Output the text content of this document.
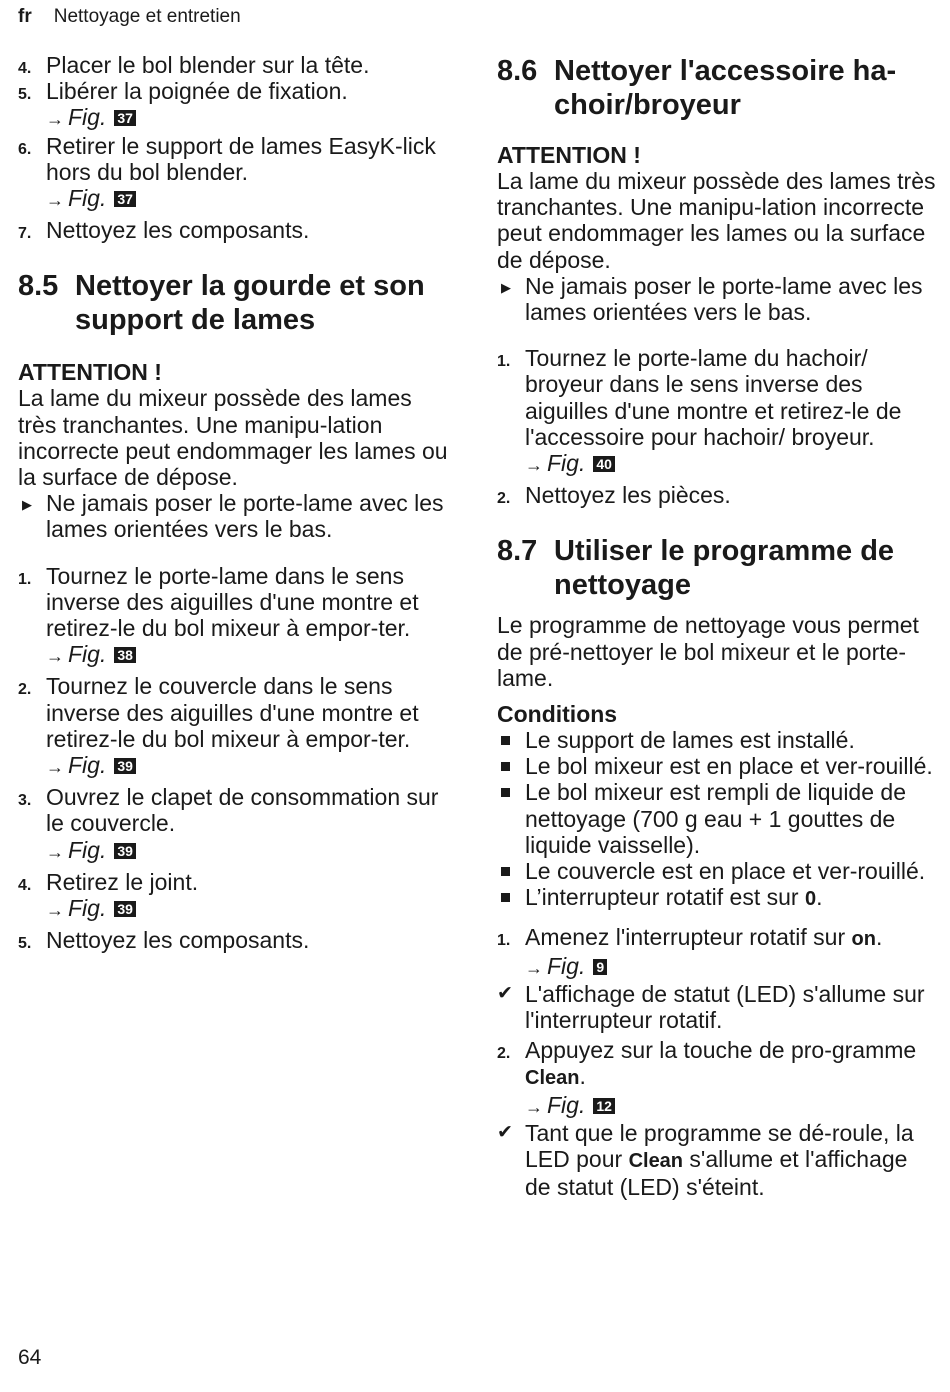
fr Nettoyage et entretien
4. Placer le bol blender sur la tête.
5. Libérer la poignée de fixation.
→ Fig. 37
6. Retirer le support de lames EasyK-lick hors du bol blender.
→ Fig. 37
7. Nettoyez les composants.
8.5 Nettoyer la gourde et son support de lames
ATTENTION !
La lame du mixeur possède des lames très tranchantes. Une manipu-lation incorrecte peut endommager les lames ou la surface de dépose.
▶ Ne jamais poser le porte-lame avec les lames orientées vers le bas.
1. Tournez le porte-lame dans le sens inverse des aiguilles d'une montre et retirez-le du bol mixeur à empor-ter.
→ Fig. 38
2. Tournez le couvercle dans le sens inverse des aiguilles d'une montre et retirez-le du bol mixeur à empor-ter.
→ Fig. 39
3. Ouvrez le clapet de consommation sur le couvercle.
→ Fig. 39
4. Retirez le joint.
→ Fig. 39
5. Nettoyez les composants.
8.6 Nettoyer l'accessoire ha-choir/broyeur
ATTENTION !
La lame du mixeur possède des lames très tranchantes. Une manipu-lation incorrecte peut endommager les lames ou la surface de dépose.
▶ Ne jamais poser le porte-lame avec les lames orientées vers le bas.
1. Tournez le porte-lame du hachoir/ broyeur dans le sens inverse des aiguilles d'une montre et retirez-le de l'accessoire pour hachoir/ broyeur.
→ Fig. 40
2. Nettoyez les pièces.
8.7 Utiliser le programme de nettoyage
Le programme de nettoyage vous permet de pré-nettoyer le bol mixeur et le porte-lame.
Conditions
Le support de lames est installé.
Le bol mixeur est en place et ver-rouillé.
Le bol mixeur est rempli de liquide de nettoyage (700 g eau + 1 gouttes de liquide vaisselle).
Le couvercle est en place et ver-rouillé.
L’interrupteur rotatif est sur 0.
1. Amenez l'interrupteur rotatif sur on.
→ Fig. 9
✔ L'affichage de statut (LED) s'allume sur l'interrupteur rotatif.
2. Appuyez sur la touche de pro-gramme Clean.
→ Fig. 12
✔ Tant que le programme se dé-roule, la LED pour Clean s'allume et l'affichage de statut (LED) s'éteint.
64
